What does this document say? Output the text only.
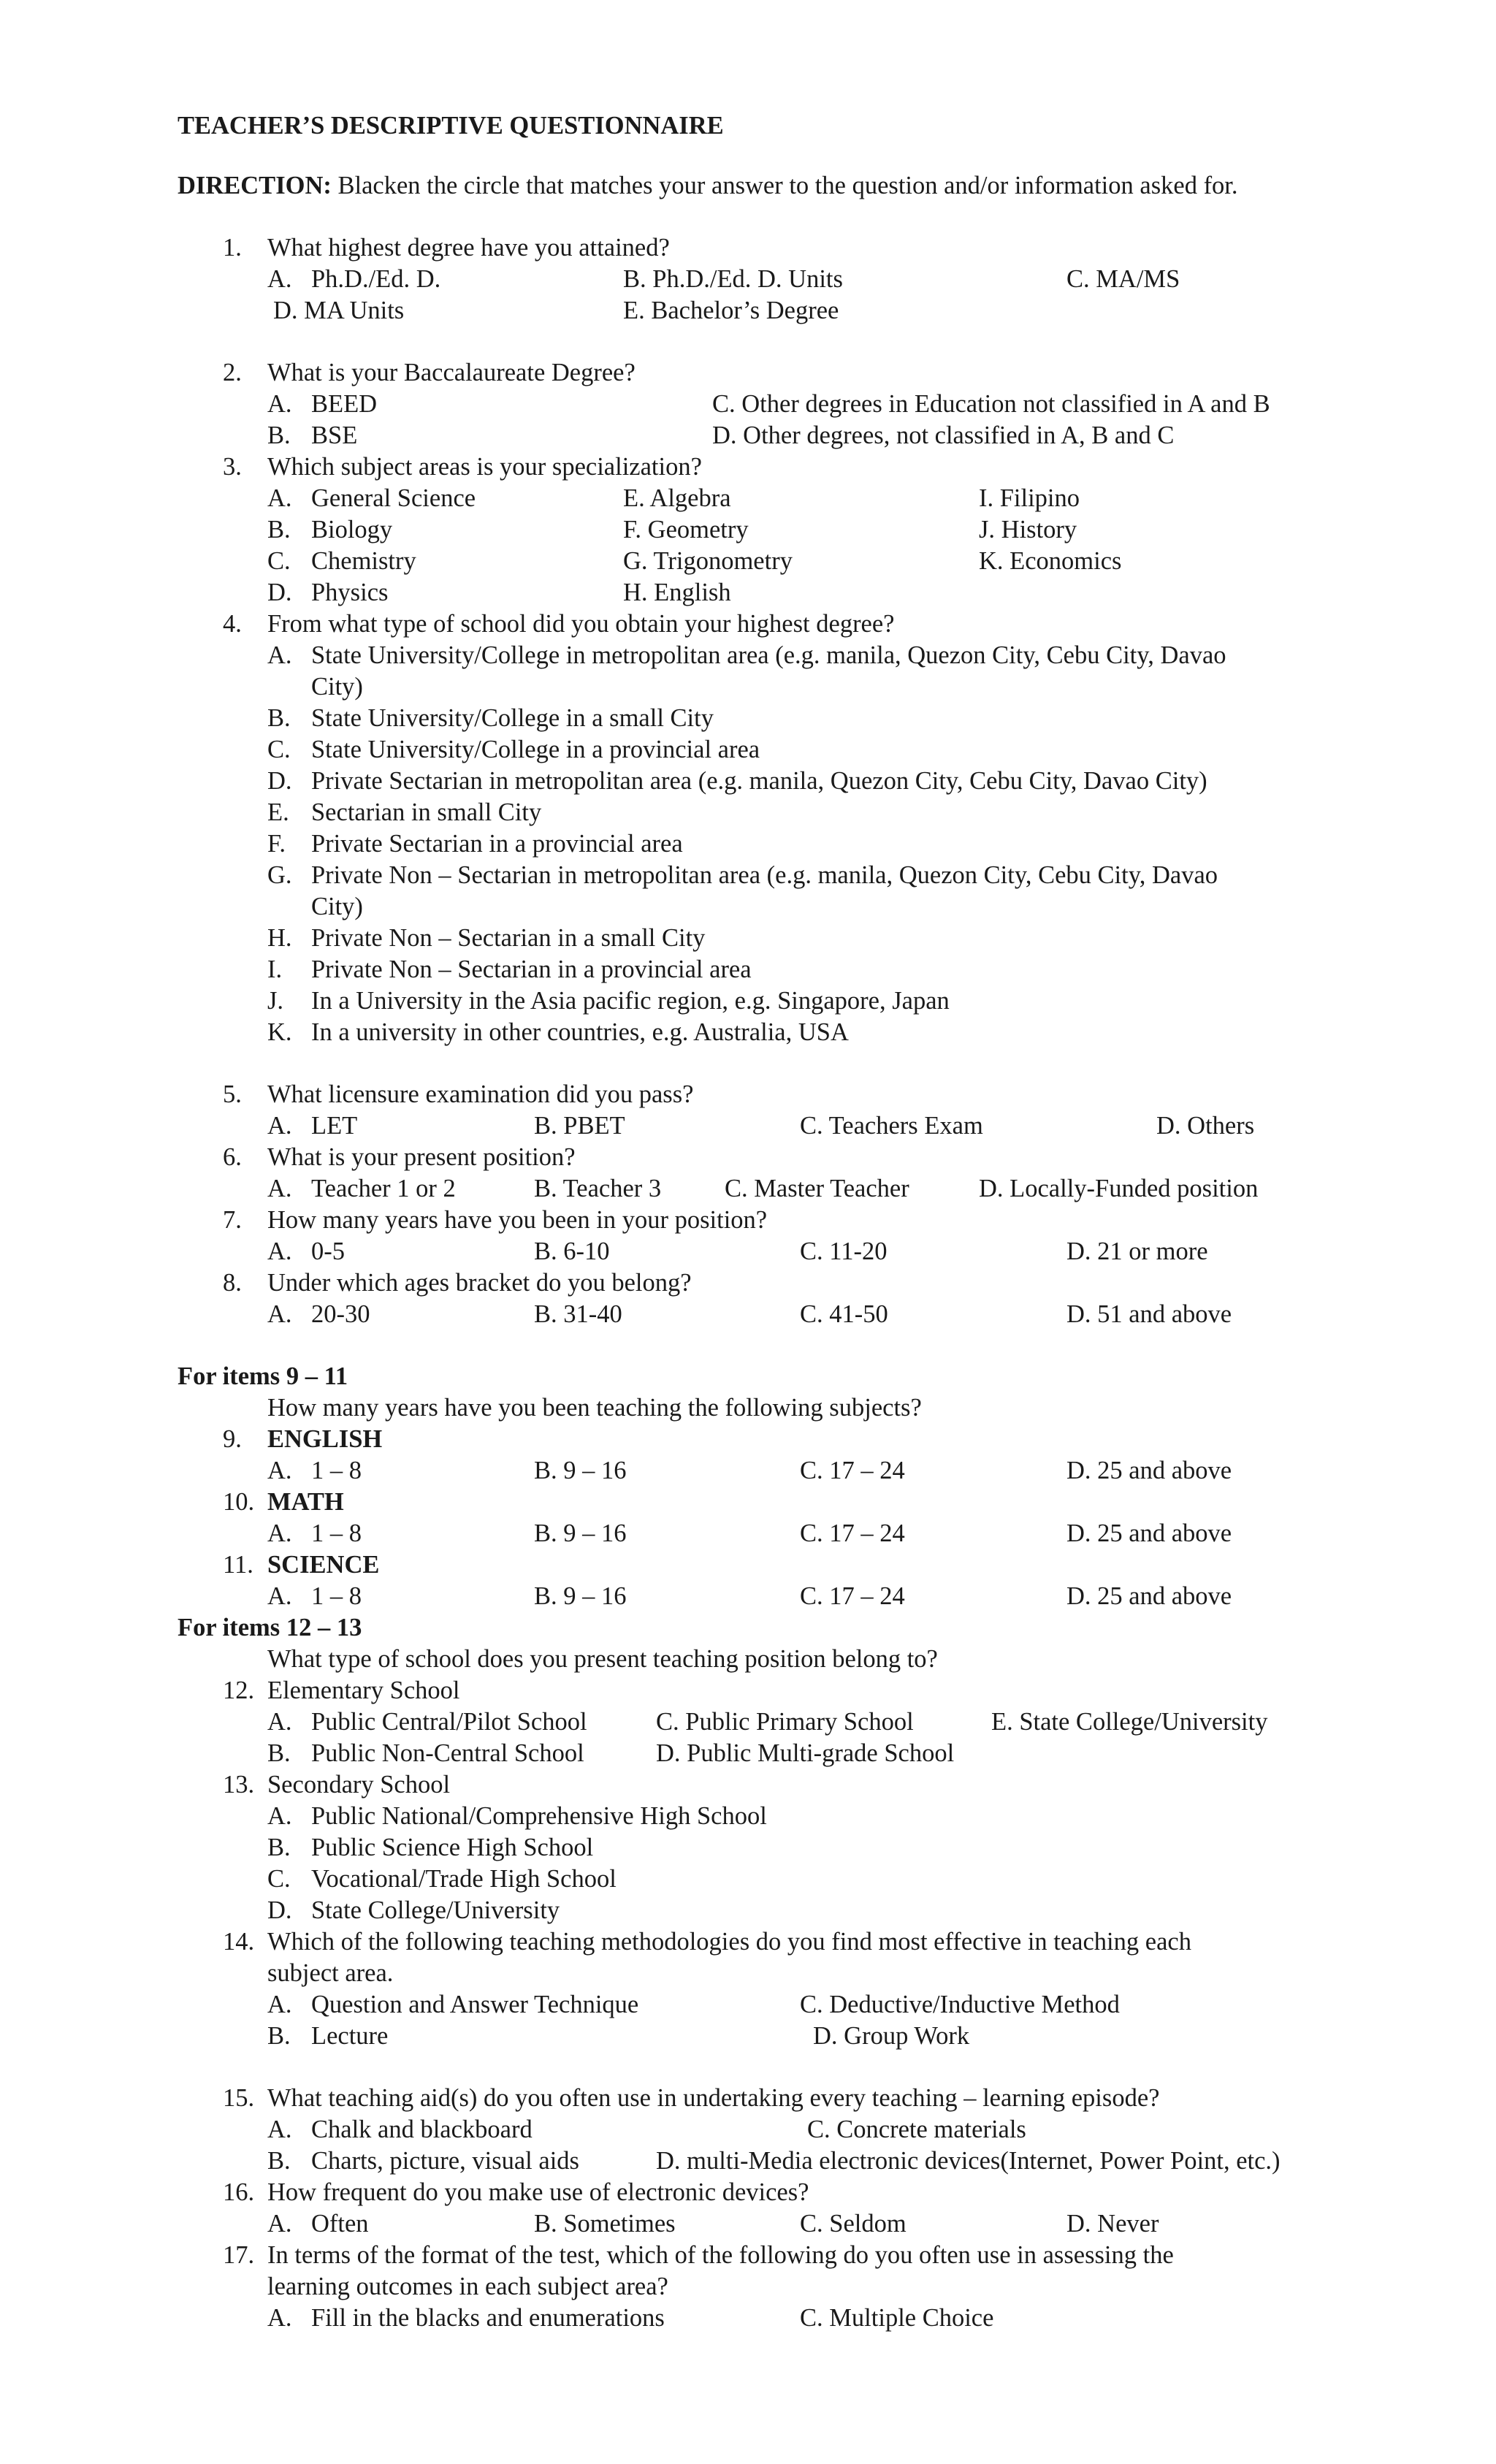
TEACHER’S DESCRIPTIVE QUESTIONNAIRE
DIRECTION: Blacken the circle that matches your answer to the question and/or information asked for.
1. What highest degree have you attained?
A. Ph.D./Ed. D.	B. Ph.D./Ed. D. Units	C. MA/MS
D. MA Units	E. Bachelor’s Degree
2. What is your Baccalaureate Degree?
A. BEED	C. Other degrees in Education not classified in A and B
B. BSE	D. Other degrees, not classified in A, B and C
3. Which subject areas is your specialization?
A. General Science	E. Algebra	I. Filipino
B. Biology	F. Geometry	J. History
C. Chemistry	G. Trigonometry	K. Economics
D. Physics	H. English
4. From what type of school did you obtain your highest degree?
A. State University/College in metropolitan area (e.g. manila, Quezon City, Cebu City, Davao
City)
B. State University/College in a small City
C. State University/College in a provincial area
D. Private Sectarian in metropolitan area (e.g. manila, Quezon City, Cebu City, Davao City)
E. Sectarian in small City
F. Private Sectarian in a provincial area
G. Private Non – Sectarian in metropolitan area (e.g. manila, Quezon City, Cebu City, Davao
City)
H. Private Non – Sectarian in a small City
I. Private Non – Sectarian in a provincial area
J. In a University in the Asia pacific region, e.g. Singapore, Japan
K. In a university in other countries, e.g. Australia, USA
5. What licensure examination did you pass?
A. LET	B. PBET	C. Teachers Exam	D. Others
6. What is your present position?
A. Teacher 1 or 2	B. Teacher 3	C. Master Teacher	D. Locally-Funded position
7. How many years have you been in your position?
A. 0-5	B. 6-10	C. 11-20	D. 21 or more
8. Under which ages bracket do you belong?
A. 20-30	B. 31-40	C. 41-50	D. 51 and above
For items 9 – 11
How many years have you been teaching the following subjects?
9. ENGLISH
A. 1 – 8	B. 9 – 16	C. 17 – 24	D. 25 and above
10. MATH
A. 1 – 8	B. 9 – 16	C. 17 – 24	D. 25 and above
11. SCIENCE
A. 1 – 8	B. 9 – 16	C. 17 – 24	D. 25 and above
For items 12 – 13
What type of school does you present teaching position belong to?
12. Elementary School
A. Public Central/Pilot School	C. Public Primary School	E. State College/University
B. Public Non-Central School	D. Public Multi-grade School
13. Secondary School
A. Public National/Comprehensive High School
B. Public Science High School
C. Vocational/Trade High School
D. State College/University
14. Which of the following teaching methodologies do you find most effective in teaching each
subject area.
A. Question and Answer Technique	C. Deductive/Inductive Method
B. Lecture	D. Group Work
15. What teaching aid(s) do you often use in undertaking every teaching – learning episode?
A. Chalk and blackboard	C. Concrete materials
B. Charts, picture, visual aids	D. multi-Media electronic devices(Internet, Power Point, etc.)
16. How frequent do you make use of electronic devices?
A. Often	B. Sometimes	C. Seldom	D. Never
17. In terms of the format of the test, which of the following do you often use in assessing the
learning outcomes in each subject area?
A. Fill in the blacks and enumerations	C. Multiple Choice
